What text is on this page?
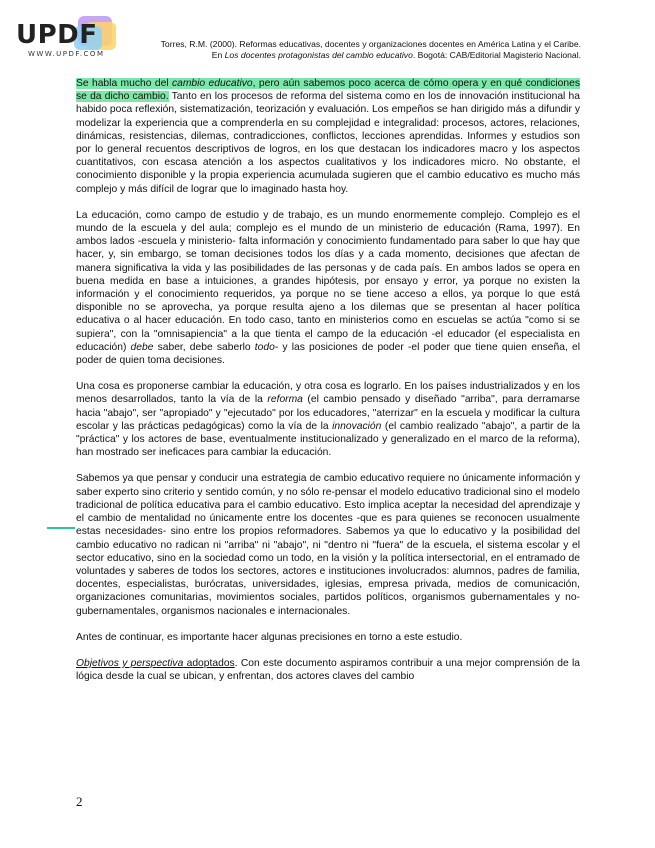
UPDF
WWW.UPDF.COM
Torres, R.M. (2000). Reformas educativas, docentes y organizaciones docentes en América Latina y el Caribe.
En Los docentes protagonistas del cambio educativo. Bogotá: CAB/Editorial Magisterio Nacional.

Se habla mucho del cambio educativo, pero aún sabemos poco acerca de cómo opera y en qué condiciones se da dicho cambio. Tanto en los procesos de reforma del sistema como en los de innovación institucional ha habido poca reflexión, sistematización, teorización y evaluación. Los empeños se han dirigido más a difundir y modelizar la experiencia que a comprenderla en su complejidad e integralidad: procesos, actores, relaciones, dinámicas, resistencias, dilemas, contradicciones, conflictos, lecciones aprendidas. Informes y estudios son por lo general recuentos descriptivos de logros, en los que destacan los indicadores macro y los aspectos cuantitativos, con escasa atención a los aspectos cualitativos y los indicadores micro. No obstante, el conocimiento disponible y la propia experiencia acumulada sugieren que el cambio educativo es mucho más complejo y más difícil de lograr que lo imaginado hasta hoy.

La educación, como campo de estudio y de trabajo, es un mundo enormemente complejo. Complejo es el mundo de la escuela y del aula; complejo es el mundo de un ministerio de educación (Rama, 1997). En ambos lados -escuela y ministerio- falta información y conocimiento fundamentado para saber lo que hay que hacer, y, sin embargo, se toman decisiones todos los días y a cada momento, decisiones que afectan de manera significativa la vida y las posibilidades de las personas y de cada país. En ambos lados se opera en buena medida en base a intuiciones, a grandes hipótesis, por ensayo y error, ya porque no existen la información y el conocimiento requeridos, ya porque no se tiene acceso a ellos, ya porque lo que está disponible no se aprovecha, ya porque resulta ajeno a los dilemas que se presentan al hacer política educativa o al hacer educación. En todo caso, tanto en ministerios como en escuelas se actúa "como si se supiera", con la "omnisapiencia" a la que tienta el campo de la educación -el educador (el especialista en educación) debe saber, debe saberlo todo- y las posiciones de poder -el poder que tiene quien enseña, el poder de quien toma decisiones.

Una cosa es proponerse cambiar la educación, y otra cosa es lograrlo. En los países industrializados y en los menos desarrollados, tanto la vía de la reforma (el cambio pensado y diseñado "arriba", para derramarse hacia "abajo", ser "apropiado" y "ejecutado" por los educadores, "aterrizar" en la escuela y modificar la cultura escolar y las prácticas pedagógicas) como la vía de la innovación (el cambio realizado "abajo", a partir de la "práctica" y los actores de base, eventualmente institucionalizado y generalizado en el marco de la reforma), han mostrado ser ineficaces para cambiar la educación.

Sabemos ya que pensar y conducir una estrategia de cambio educativo requiere no únicamente información y saber experto sino criterio y sentido común, y no sólo re-pensar el modelo educativo tradicional sino el modelo tradicional de política educativa para el cambio educativo. Esto implica aceptar la necesidad del aprendizaje y el cambio de mentalidad no únicamente entre los docentes -que es para quienes se reconocen usualmente estas necesidades- sino entre los propios reformadores. Sabemos ya que lo educativo y la posibilidad del cambio educativo no radican ni "arriba" ni "abajo", ni "dentro ni "fuera" de la escuela, el sistema escolar y el sector educativo, sino en la sociedad como un todo, en la visión y la política intersectorial, en el entramado de voluntades y saberes de todos los sectores, actores e instituciones involucrados: alumnos, padres de familia, docentes, especialistas, burócratas, universidades, iglesias, empresa privada, medios de comunicación, organizaciones comunitarias, movimientos sociales, partidos políticos, organismos gubernamentales y no-gubernamentales, organismos nacionales e internacionales.

Antes de continuar, es importante hacer algunas precisiones en torno a este estudio.

Objetivos y perspectiva adoptados. Con este documento aspiramos contribuir a una mejor comprensión de la lógica desde la cual se ubican, y enfrentan, dos actores claves del cambio

2
